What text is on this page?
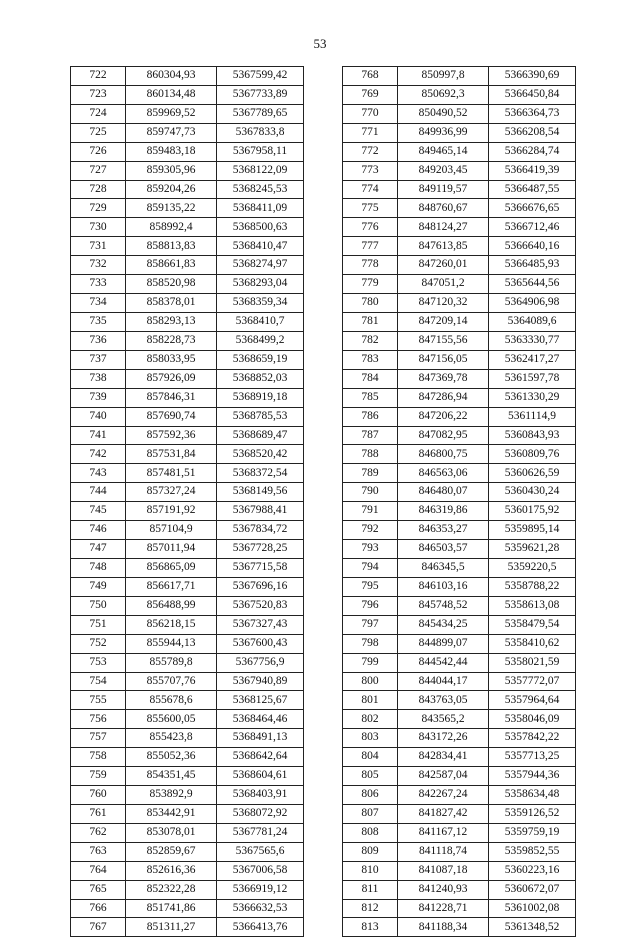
53
722	860304,93	5367599,42
723	860134,48	5367733,89
724	859969,52	5367789,65
725	859747,73	5367833,8
726	859483,18	5367958,11
727	859305,96	5368122,09
728	859204,26	5368245,53
729	859135,22	5368411,09
730	858992,4	5368500,63
731	858813,83	5368410,47
732	858661,83	5368274,97
733	858520,98	5368293,04
734	858378,01	5368359,34
735	858293,13	5368410,7
736	858228,73	5368499,2
737	858033,95	5368659,19
738	857926,09	5368852,03
739	857846,31	5368919,18
740	857690,74	5368785,53
741	857592,36	5368689,47
742	857531,84	5368520,42
743	857481,51	5368372,54
744	857327,24	5368149,56
745	857191,92	5367988,41
746	857104,9	5367834,72
747	857011,94	5367728,25
748	856865,09	5367715,58
749	856617,71	5367696,16
750	856488,99	5367520,83
751	856218,15	5367327,43
752	855944,13	5367600,43
753	855789,8	5367756,9
754	855707,76	5367940,89
755	855678,6	5368125,67
756	855600,05	5368464,46
757	855423,8	5368491,13
758	855052,36	5368642,64
759	854351,45	5368604,61
760	853892,9	5368403,91
761	853442,91	5368072,92
762	853078,01	5367781,24
763	852859,67	5367565,6
764	852616,36	5367006,58
765	852322,28	5366919,12
766	851741,86	5366632,53
767	851311,27	5366413,76
768	850997,8	5366390,69
769	850692,3	5366450,84
770	850490,52	5366364,73
771	849936,99	5366208,54
772	849465,14	5366284,74
773	849203,45	5366419,39
774	849119,57	5366487,55
775	848760,67	5366676,65
776	848124,27	5366712,46
777	847613,85	5366640,16
778	847260,01	5366485,93
779	847051,2	5365644,56
780	847120,32	5364906,98
781	847209,14	5364089,6
782	847155,56	5363330,77
783	847156,05	5362417,27
784	847369,78	5361597,78
785	847286,94	5361330,29
786	847206,22	5361114,9
787	847082,95	5360843,93
788	846800,75	5360809,76
789	846563,06	5360626,59
790	846480,07	5360430,24
791	846319,86	5360175,92
792	846353,27	5359895,14
793	846503,57	5359621,28
794	846345,5	5359220,5
795	846103,16	5358788,22
796	845748,52	5358613,08
797	845434,25	5358479,54
798	844899,07	5358410,62
799	844542,44	5358021,59
800	844044,17	5357772,07
801	843763,05	5357964,64
802	843565,2	5358046,09
803	843172,26	5357842,22
804	842834,41	5357713,25
805	842587,04	5357944,36
806	842267,24	5358634,48
807	841827,42	5359126,52
808	841167,12	5359759,19
809	841118,74	5359852,55
810	841087,18	5360223,16
811	841240,93	5360672,07
812	841228,71	5361002,08
813	841188,34	5361348,52
